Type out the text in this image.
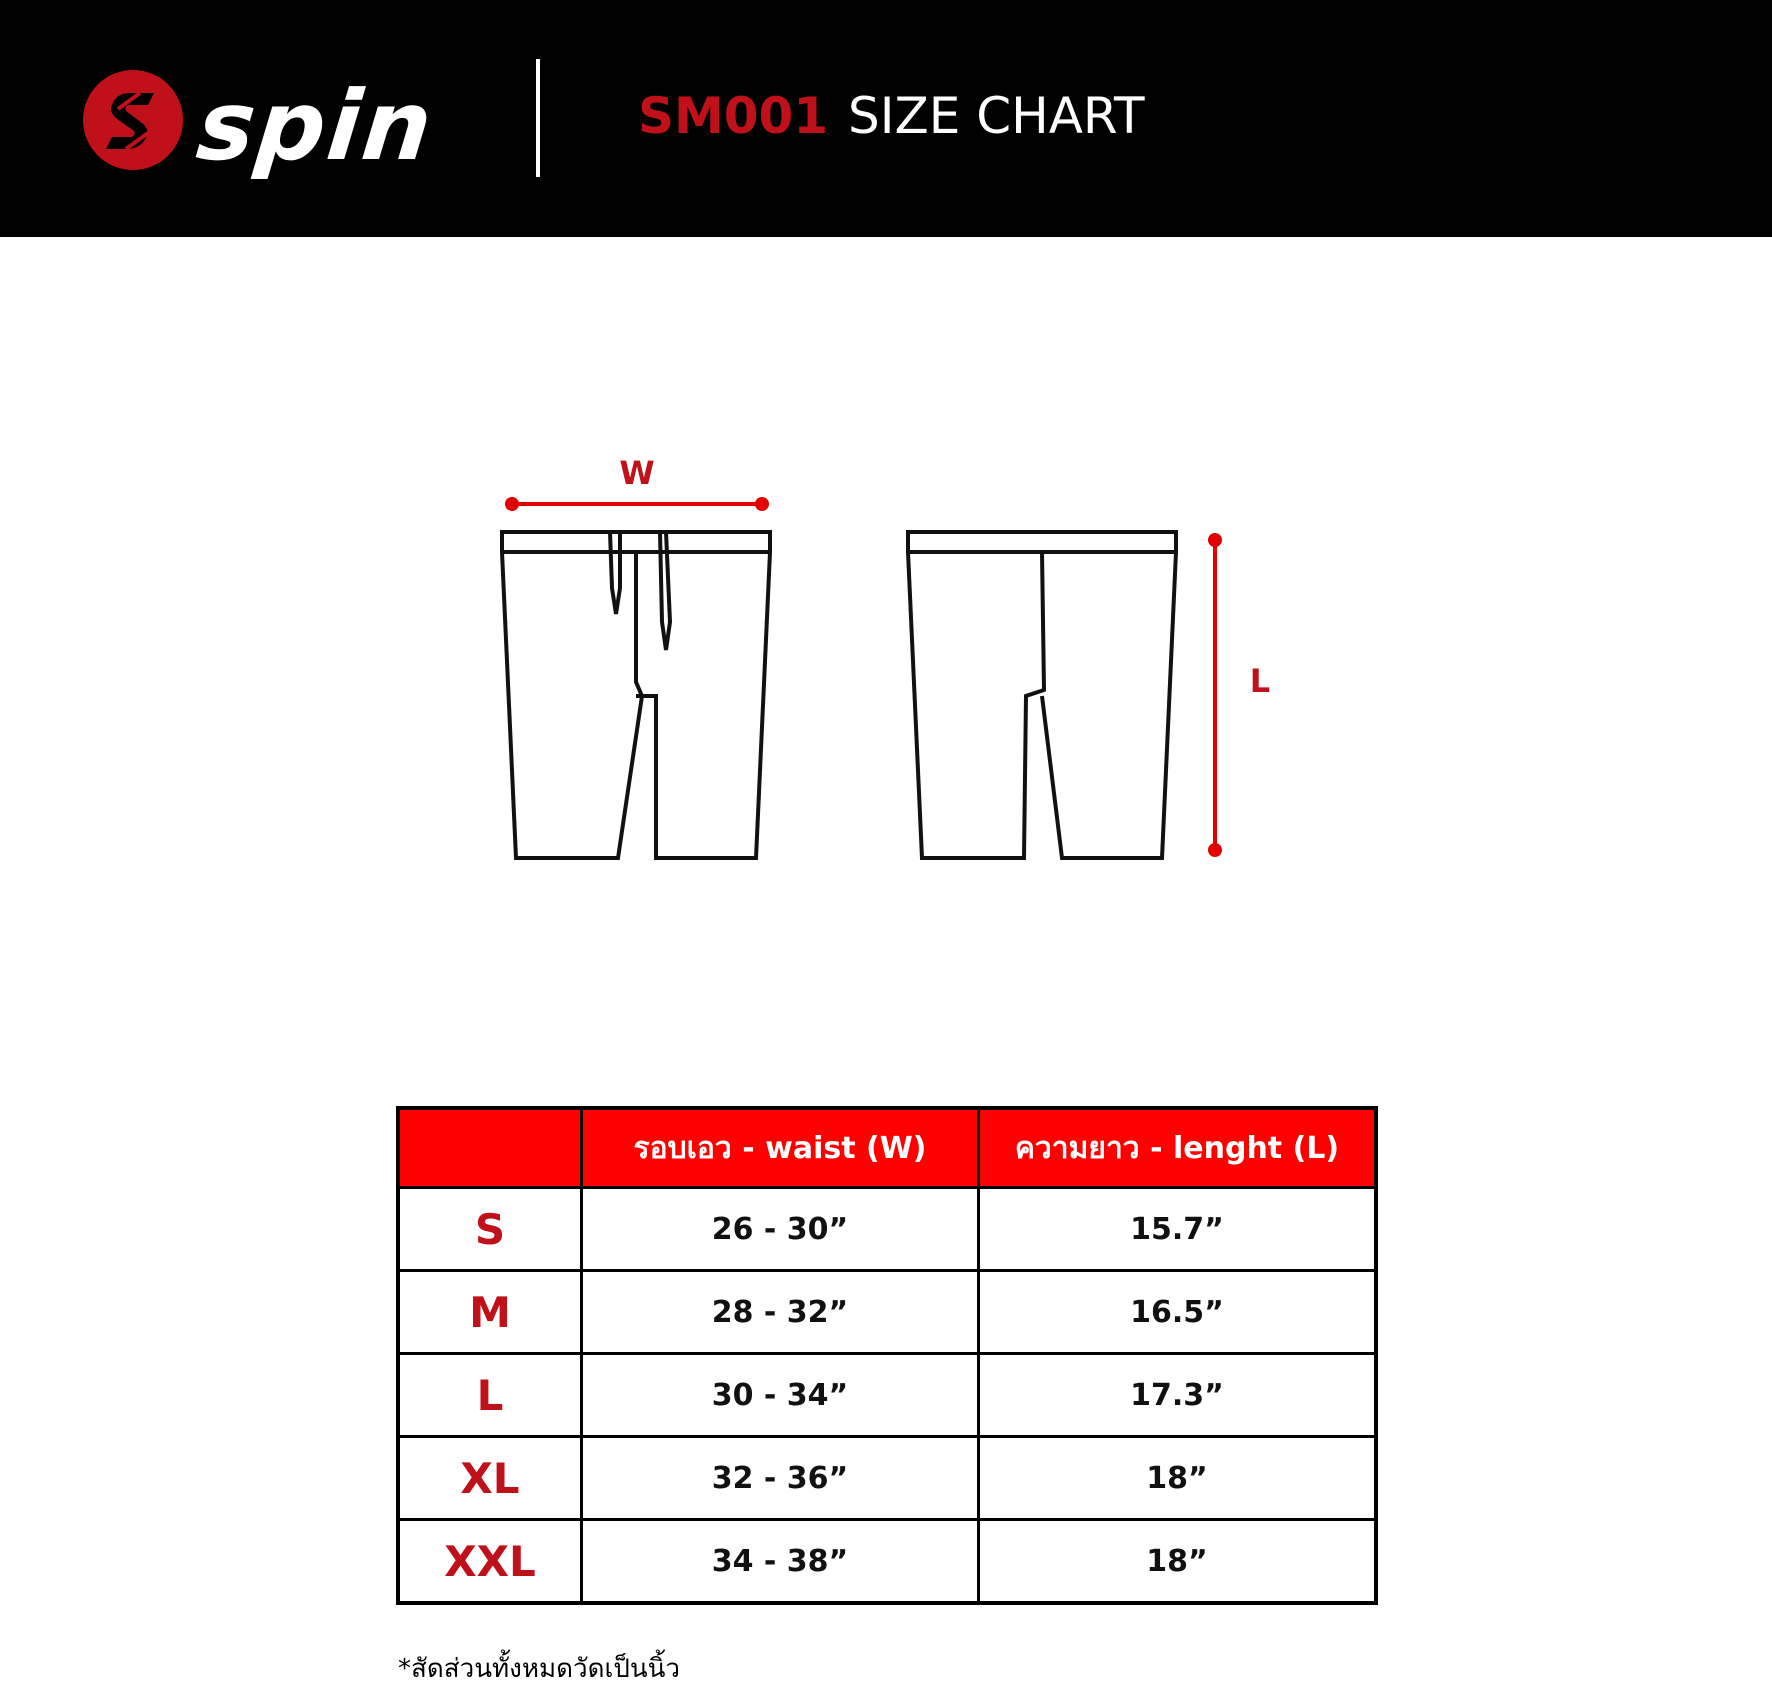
spin	SM001 SIZE CHART
W
L
	รอบเอว - waist (W)	ความยาว - lenght (L)
S	26 - 30”	15.7”
M	28 - 32”	16.5”
L	30 - 34”	17.3”
XL	32 - 36”	18”
XXL	34 - 38”	18”
*สัดส่วนทั้งหมดวัดเป็นนิ้ว
